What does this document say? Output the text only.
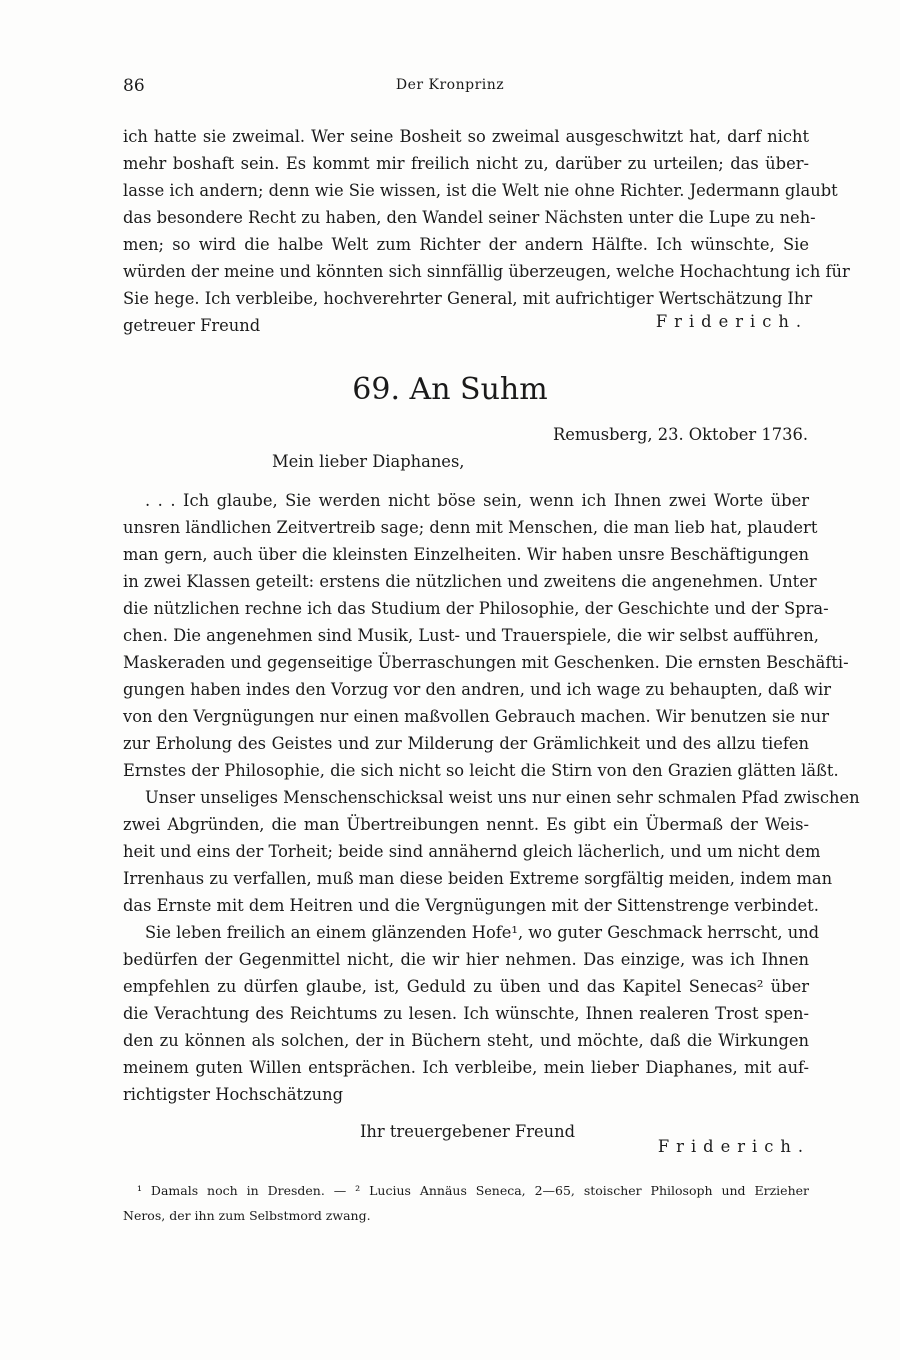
86	Der Kronprinz
ich hatte sie zweimal. Wer seine Bosheit so zweimal ausgeschwitzt hat, darf nicht
mehr boshaft sein. Es kommt mir freilich nicht zu, darüber zu urteilen; das über-
lasse ich andern; denn wie Sie wissen, ist die Welt nie ohne Richter. Jedermann glaubt
das besondere Recht zu haben, den Wandel seiner Nächsten unter die Lupe zu neh-
men; so wird die halbe Welt zum Richter der andern Hälfte. Ich wünschte, Sie
würden der meine und könnten sich sinnfällig überzeugen, welche Hochachtung ich für
Sie hege. Ich verbleibe, hochverehrter General, mit aufrichtiger Wertschätzung Ihr
getreuer Freund	Friderich.
69. An Suhm
Remusberg, 23. Oktober 1736.
Mein lieber Diaphanes,
. . . Ich glaube, Sie werden nicht böse sein, wenn ich Ihnen zwei Worte über
unsren ländlichen Zeitvertreib sage; denn mit Menschen, die man lieb hat, plaudert
man gern, auch über die kleinsten Einzelheiten. Wir haben unsre Beschäftigungen
in zwei Klassen geteilt: erstens die nützlichen und zweitens die angenehmen. Unter
die nützlichen rechne ich das Studium der Philosophie, der Geschichte und der Spra-
chen. Die angenehmen sind Musik, Lust- und Trauerspiele, die wir selbst aufführen,
Maskeraden und gegenseitige Überraschungen mit Geschenken. Die ernsten Beschäfti-
gungen haben indes den Vorzug vor den andren, und ich wage zu behaupten, daß wir
von den Vergnügungen nur einen maßvollen Gebrauch machen. Wir benutzen sie nur
zur Erholung des Geistes und zur Milderung der Grämlichkeit und des allzu tiefen
Ernstes der Philosophie, die sich nicht so leicht die Stirn von den Grazien glätten läßt.
Unser unseliges Menschenschicksal weist uns nur einen sehr schmalen Pfad zwischen
zwei Abgründen, die man Übertreibungen nennt. Es gibt ein Übermaß der Weis-
heit und eins der Torheit; beide sind annähernd gleich lächerlich, und um nicht dem
Irrenhaus zu verfallen, muß man diese beiden Extreme sorgfältig meiden, indem man
das Ernste mit dem Heitren und die Vergnügungen mit der Sittenstrenge verbindet.
Sie leben freilich an einem glänzenden Hofe¹, wo guter Geschmack herrscht, und
bedürfen der Gegenmittel nicht, die wir hier nehmen. Das einzige, was ich Ihnen
empfehlen zu dürfen glaube, ist, Geduld zu üben und das Kapitel Senecas² über
die Verachtung des Reichtums zu lesen. Ich wünschte, Ihnen realeren Trost spen-
den zu können als solchen, der in Büchern steht, und möchte, daß die Wirkungen
meinem guten Willen entsprächen. Ich verbleibe, mein lieber Diaphanes, mit auf-
richtigster Hochschätzung
Ihr treuergebener Freund
Friderich.
¹ Damals noch in Dresden. — ² Lucius Annäus Seneca, 2—65, stoischer Philosoph und Erzieher
Neros, der ihn zum Selbstmord zwang.
